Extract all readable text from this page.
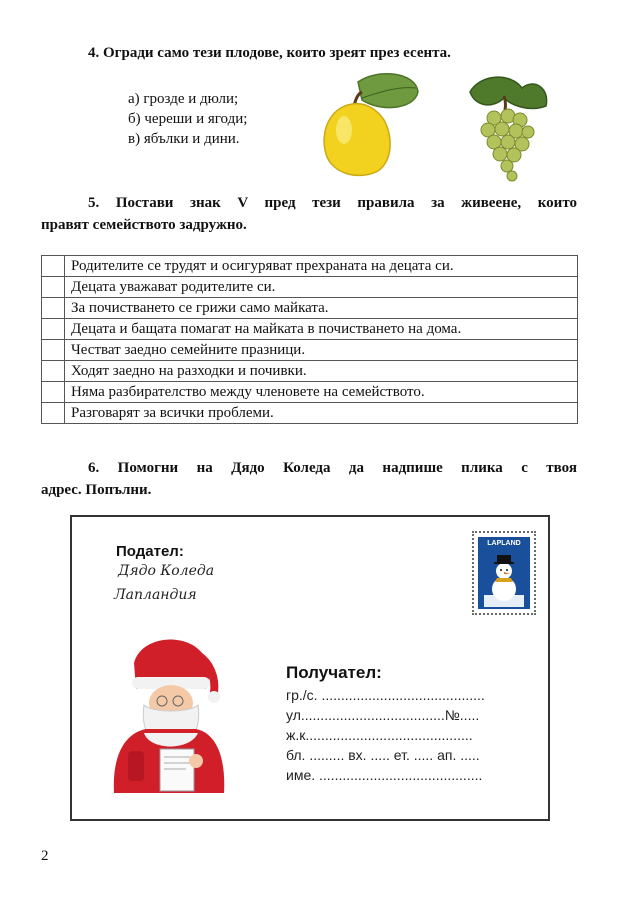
4. Огради само тези плодове, които зреят през есента.
а) грозде и дюли;
б) череши и ягоди;
в) ябълки и дини.
5. Постави знак V пред тези правила за живеене, които
правят семейството задружно.
	Родителите се трудят и осигуряват прехраната на децата си.
	Децата уважават родителите си.
	За почистването се грижи само майката.
	Децата и бащата помагат на майката в почистването на дома.
	Честват заедно семейните празници.
	Ходят заедно на разходки и почивки.
	Няма разбирателство между членовете на семейството.
	Разговарят за всички проблеми.
6. Помогни на Дядо Коледа да надпише плика с твоя
адрес. Попълни.
Подател:
Дядо Коледа
Лапландия
LAPLAND
Получател:
гр./с. ..........................................
ул.....................................№.....
ж.к...........................................
бл. ......... вх. ..... ет. ..... ап. .....
име. ..........................................
2
